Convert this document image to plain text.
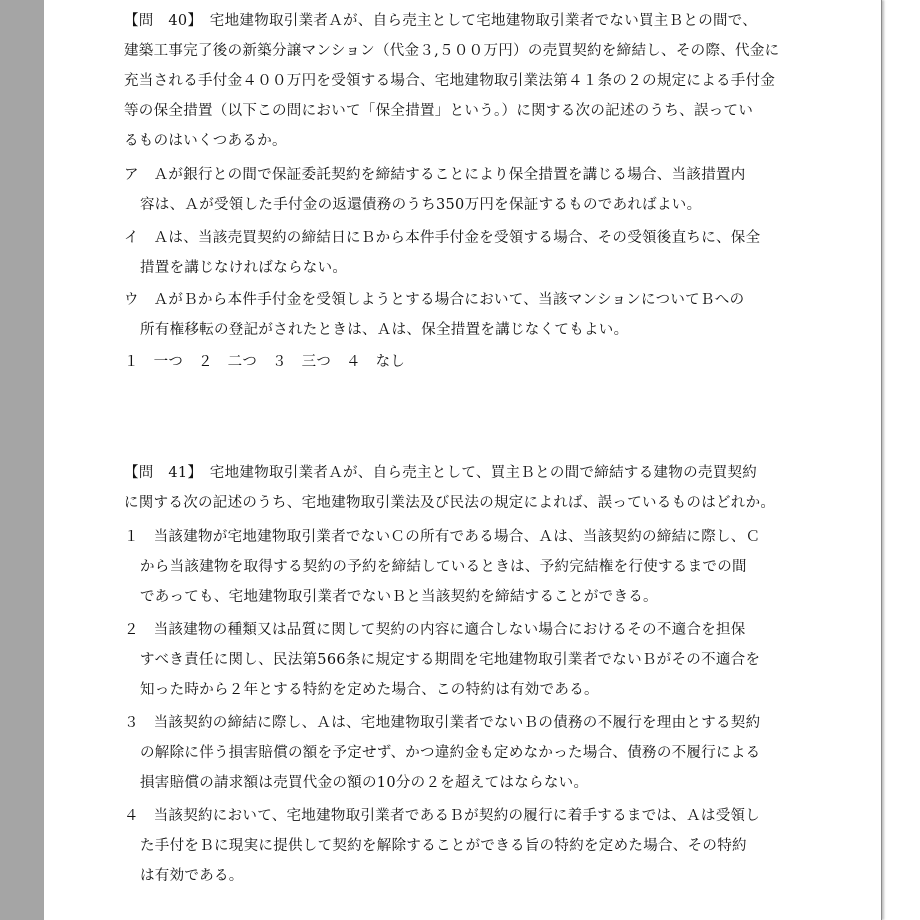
【問　40】　宅地建物取引業者Ａが、自ら売主として宅地建物取引業者でない買主Ｂとの間で、
建築工事完了後の新築分譲マンション（代金３,５００万円）の売買契約を締結し、その際、代金に
充当される手付金４００万円を受領する場合、宅地建物取引業法第４１条の２の規定による手付金
等の保全措置（以下この問において「保全措置」という。）に関する次の記述のうち、誤ってい
るものはいくつあるか。
ア　Ａが銀行との間で保証委託契約を締結することにより保全措置を講じる場合、当該措置内
容は、Ａが受領した手付金の返還債務のうち350万円を保証するものであればよい。
イ　Ａは、当該売買契約の締結日にＢから本件手付金を受領する場合、その受領後直ちに、保全
措置を講じなければならない。
ウ　ＡがＢから本件手付金を受領しようとする場合において、当該マンションについてＢへの
所有権移転の登記がされたときは、Ａは、保全措置を講じなくてもよい。
１　一つ　２　二つ　３　三つ　４　なし
【問　41】　宅地建物取引業者Ａが、自ら売主として、買主Ｂとの間で締結する建物の売買契約
に関する次の記述のうち、宅地建物取引業法及び民法の規定によれば、誤っているものはどれか。
１　当該建物が宅地建物取引業者でないＣの所有である場合、Ａは、当該契約の締結に際し、Ｃ
から当該建物を取得する契約の予約を締結しているときは、予約完結権を行使するまでの間
であっても、宅地建物取引業者でないＢと当該契約を締結することができる。
２　当該建物の種類又は品質に関して契約の内容に適合しない場合におけるその不適合を担保
すべき責任に関し、民法第566条に規定する期間を宅地建物取引業者でないＢがその不適合を
知った時から２年とする特約を定めた場合、この特約は有効である。
３　当該契約の締結に際し、Ａは、宅地建物取引業者でないＢの債務の不履行を理由とする契約
の解除に伴う損害賠償の額を予定せず、かつ違約金も定めなかった場合、債務の不履行による
損害賠償の請求額は売買代金の額の10分の２を超えてはならない。
４　当該契約において、宅地建物取引業者であるＢが契約の履行に着手するまでは、Ａは受領し
た手付をＢに現実に提供して契約を解除することができる旨の特約を定めた場合、その特約
は有効である。
